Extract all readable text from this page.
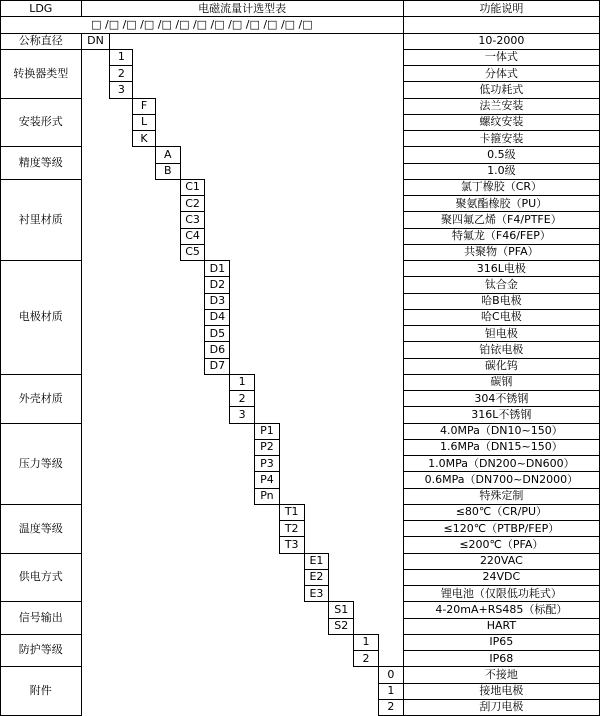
LDG	电磁流量计选型表													功能说明
□ /□ /□ /□ /□ /□ /□ /□ /□ /□ /□ /□ /□														
公称直径	DN													10-2000
转换器类型		1												一体式
		2												分体式
		3												低功耗式
安装形式			F											法兰安装
			L											螺纹安装
			K											卡箍安装
精度等级				A										0.5级
				B										1.0级
衬里材质					C1									氯丁橡胶（CR）
					C2									聚氨酯橡胶（PU）
					C3									聚四氟乙烯（F4/PTFE）
					C4									特氟龙（F46/FEP）
					C5									共聚物（PFA）
电极材质						D1								316L电极
						D2								钛合金
						D3								哈B电极
						D4								哈C电极
						D5								钽电极
						D6								铂铱电极
						D7								碳化钨
外壳材质							1							碳钢
							2							304不锈钢
							3							316L不锈钢
压力等级								P1						4.0MPa（DN10~150）
								P2						1.6MPa（DN15~150）
								P3						1.0MPa（DN200~DN600）
								P4						0.6MPa（DN700~DN2000）
								Pn						特殊定制
温度等级									T1					≤80℃（CR/PU）
									T2					≤120℃（PTBP/FEP）
									T3					≤200℃（PFA）
供电方式										E1				220VAC
										E2				24VDC
										E3				锂电池（仅限低功耗式）
信号输出											S1			4-20mA+RS485（标配）
											S2			HART
防护等级												1		IP65
												2		IP68
附件													0	不接地
													1	接地电极
													2	刮刀电极
